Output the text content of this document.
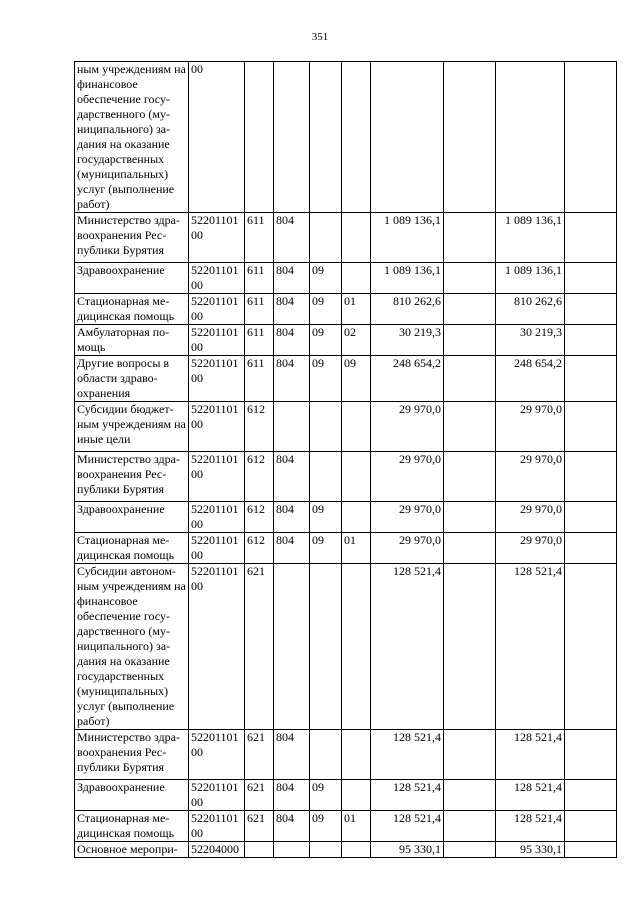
351
ным учреждениям на финансовое обеспечение госу-дарственного (му-ниципального) за-дания на оказание государственных (муниципальных) услуг (выполнение работ)	00								
Министерство здра-воохранения Рес-публики Бурятия	5220110100	611	804			1 089 136,1		1 089 136,1	
Здравоохранение	5220110100	611	804	09		1 089 136,1		1 089 136,1	
Стационарная ме-дицинская помощь	5220110100	611	804	09	01	810 262,6		810 262,6	
Амбулаторная по-мощь	5220110100	611	804	09	02	30 219,3		30 219,3	
Другие вопросы в области здраво-охранения	5220110100	611	804	09	09	248 654,2		248 654,2	
Субсидии бюджет-ным учреждениям на иные цели	5220110100	612				29 970,0		29 970,0	
Министерство здра-воохранения Рес-публики Бурятия	5220110100	612	804			29 970,0		29 970,0	
Здравоохранение	5220110100	612	804	09		29 970,0		29 970,0	
Стационарная ме-дицинская помощь	5220110100	612	804	09	01	29 970,0		29 970,0	
Субсидии автоном-ным учреждениям на финансовое обеспечение госу-дарственного (му-ниципального) за-дания на оказание государственных (муниципальных) услуг (выполнение работ)	5220110100	621				128 521,4		128 521,4	
Министерство здра-воохранения Рес-публики Бурятия	5220110100	621	804			128 521,4		128 521,4	
Здравоохранение	5220110100	621	804	09		128 521,4		128 521,4	
Стационарная ме-дицинская помощь	5220110100	621	804	09	01	128 521,4		128 521,4	
Основное меропри-	52204000					95 330,1		95 330,1	
